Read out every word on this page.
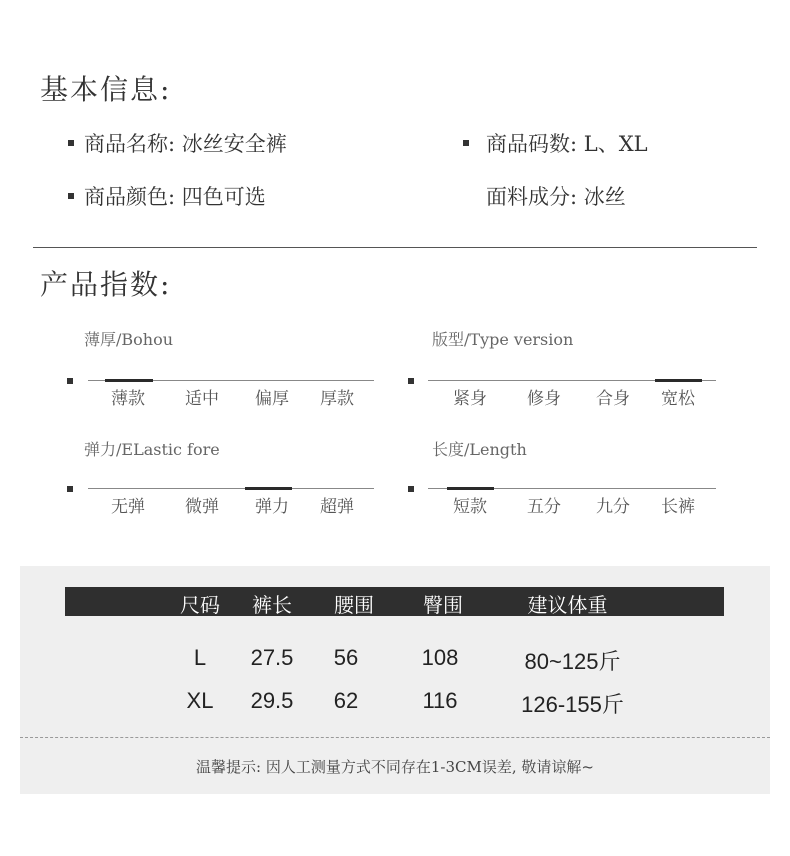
基本信息:
商品名称: 冰丝安全裤	商品码数: L、XL
商品颜色: 四色可选	面料成分: 冰丝
产品指数:
薄厚/Bohou
薄款	适中	偏厚	厚款
版型/Type version
紧身	修身	合身	宽松
弹力/ELastic fore
无弹	微弹	弹力	超弹
长度/Length
短款	五分	九分	长裤
尺码	裤长	腰围	臀围	建议体重
L	27.5	56	108	80~125斤
XL	29.5	62	116	126-155斤
温馨提示: 因人工测量方式不同存在1-3CM误差, 敬请谅解~
